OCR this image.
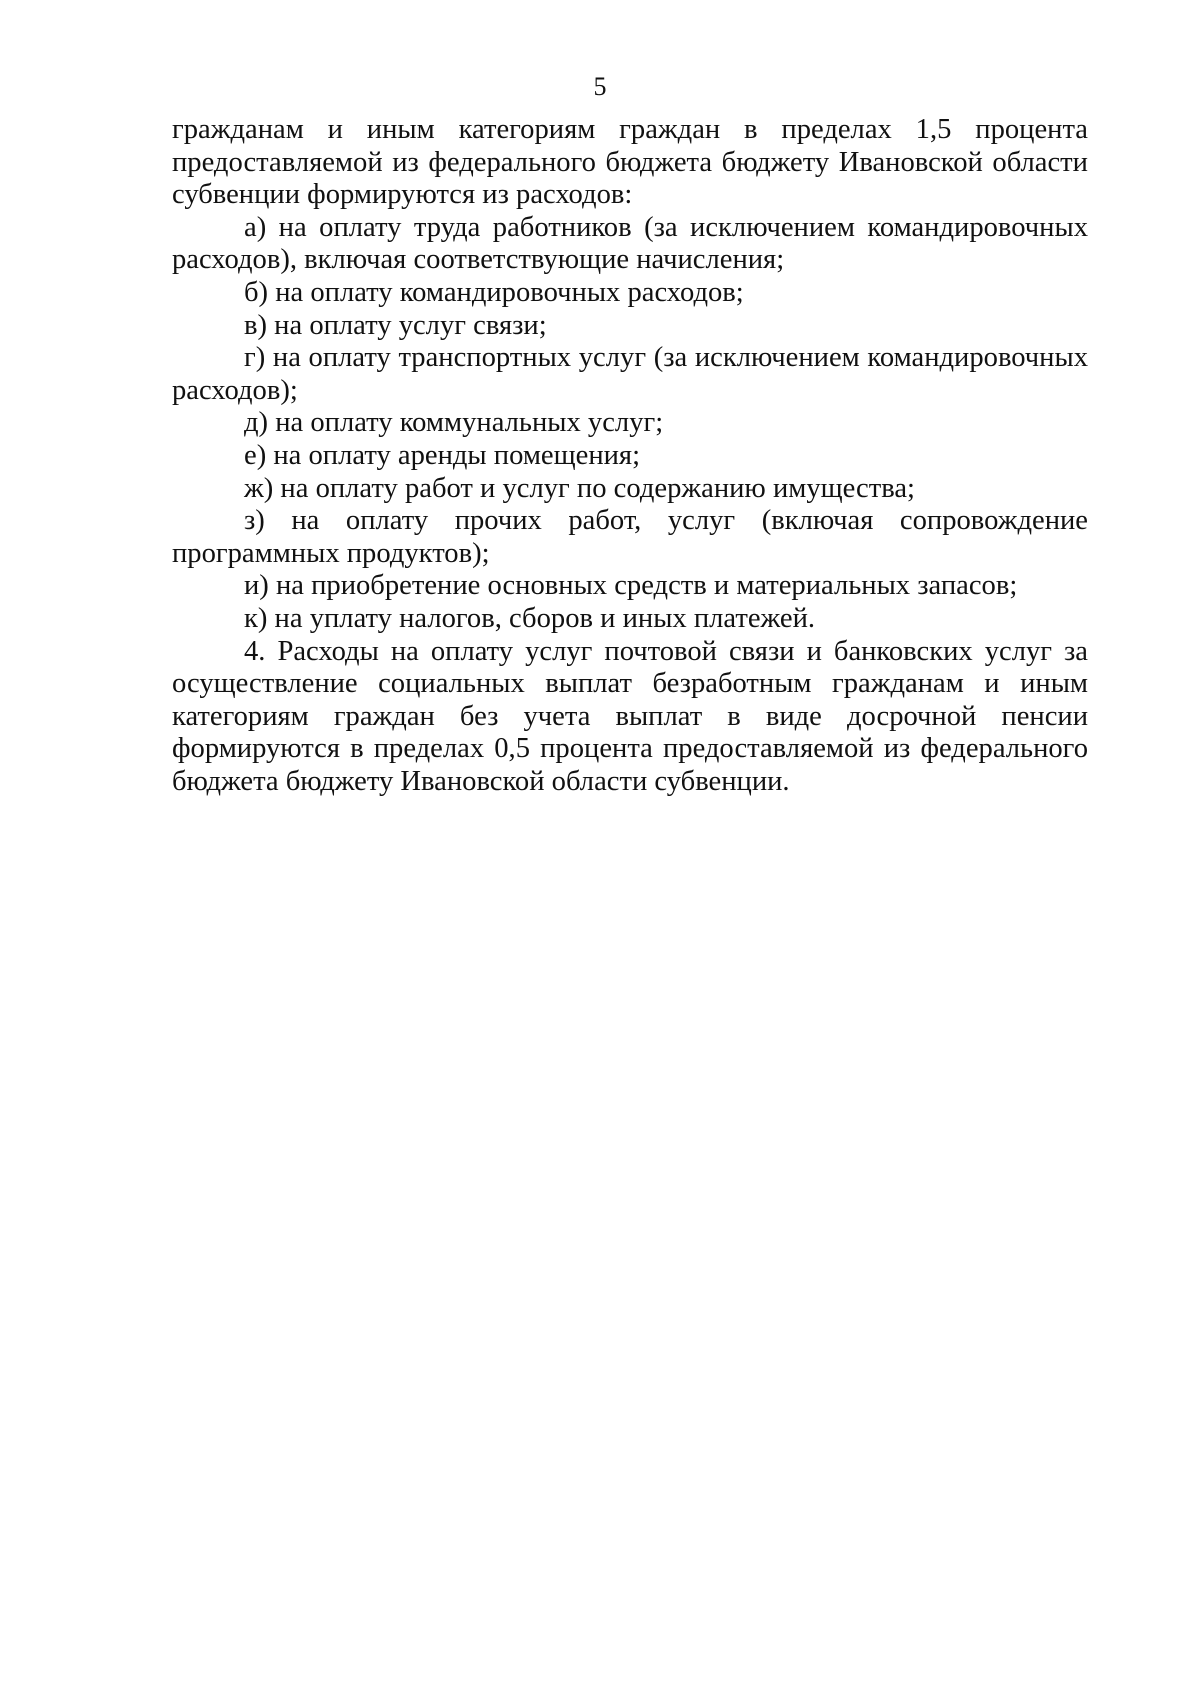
5

гражданам и иным категориям граждан в пределах 1,5 процента предоставляемой из федерального бюджета бюджету Ивановской области субвенции формируются из расходов:

а) на оплату труда работников (за исключением командировочных расходов), включая соответствующие начисления;

б) на оплату командировочных расходов;

в) на оплату услуг связи;

г) на оплату транспортных услуг (за исключением командировочных расходов);

д) на оплату коммунальных услуг;

е) на оплату аренды помещения;

ж) на оплату работ и услуг по содержанию имущества;

з) на оплату прочих работ, услуг (включая сопровождение программных продуктов);

и) на приобретение основных средств и материальных запасов;

к) на уплату налогов, сборов и иных платежей.

4. Расходы на оплату услуг почтовой связи и банковских услуг за осуществление социальных выплат безработным гражданам и иным категориям граждан без учета выплат в виде досрочной пенсии формируются в пределах 0,5 процента предоставляемой из федерального бюджета бюджету Ивановской области субвенции.
